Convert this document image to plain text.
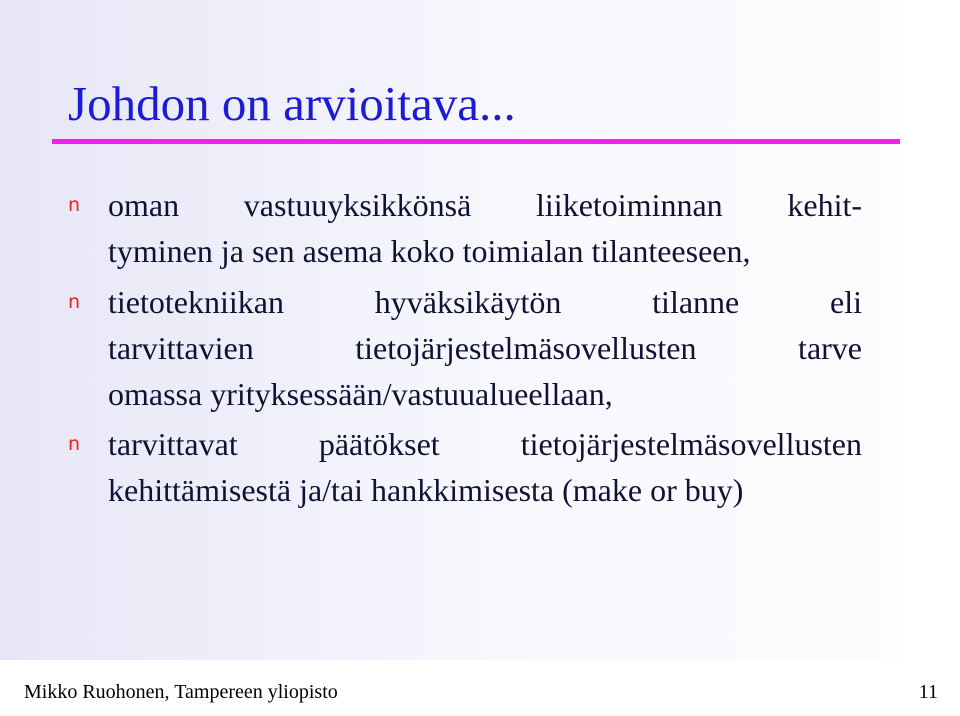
Johdon on arvioitava...
n oman vastuuyksikkönsä liiketoiminnan kehit-
tyminen ja sen asema koko toimialan tilanteeseen,
n tietotekniikan hyväksikäytön tilanne eli
tarvittavien tietojärjestelmäsovellusten tarve
omassa yrityksessään/vastuualueellaan,
n tarvittavat päätökset tietojärjestelmäsovellusten
kehittämisestä ja/tai hankkimisesta (make or buy)
Mikko Ruohonen, Tampereen yliopisto	11
